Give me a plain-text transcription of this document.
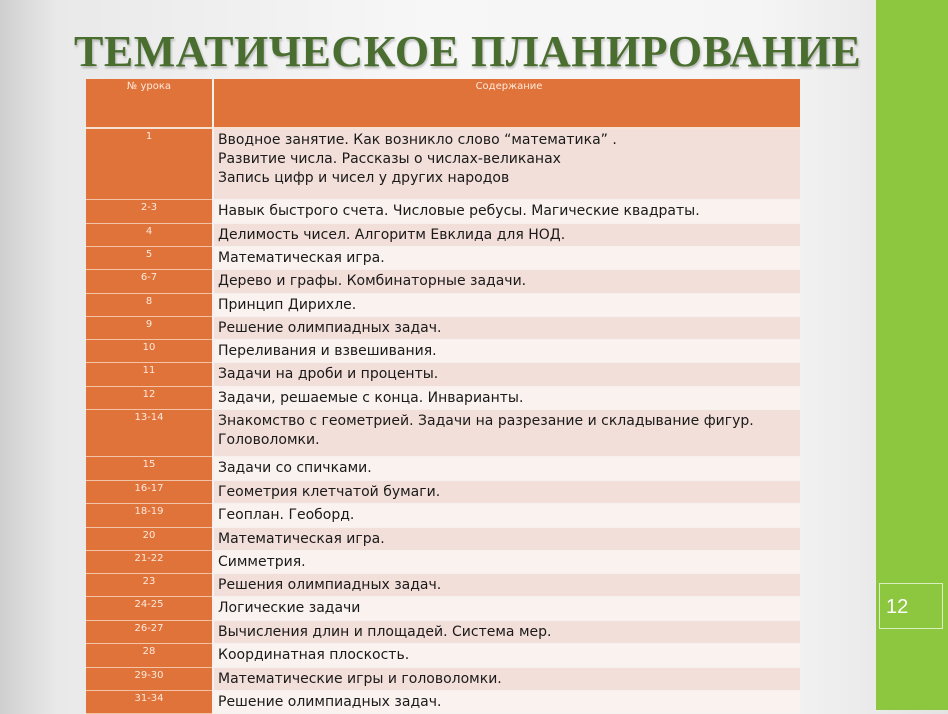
12
ТЕМАТИЧЕСКОЕ ПЛАНИРОВАНИЕ
№ урока	Содержание
1	Вводное занятие. Как возникло слово “математика” .
Развитие числа. Рассказы о числах-великанах
Запись цифр и чисел у других народов
2-3	Навык быстрого счета. Числовые ребусы. Магические квадраты.
4	Делимость чисел. Алгоритм Евклида для НОД.
5	Математическая игра.
6-7	Дерево и графы. Комбинаторные задачи.
8	Принцип Дирихле.
9	Решение олимпиадных задач.
10	Переливания и взвешивания.
11	Задачи на дроби и проценты.
12	Задачи, решаемые с конца. Инварианты.
13-14	Знакомство с геометрией. Задачи на разрезание и складывание фигур.
Головоломки.
15	Задачи со спичками.
16-17	Геометрия клетчатой бумаги.
18-19	Геоплан. Геоборд.
20	Математическая игра.
21-22	Симметрия.
23	Решения олимпиадных задач.
24-25	Логические задачи
26-27	Вычисления длин и площадей. Система мер.
28	Координатная плоскость.
29-30	Математические игры и головоломки.
31-34	Решение олимпиадных задач.
